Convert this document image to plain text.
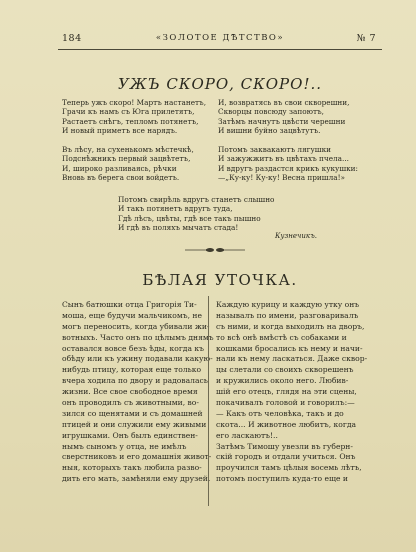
184	«ЗОЛОТОЕ ДѢТСТВО»	№ 7
УЖЪ СКОРО, СКОРО!..
Теперь ужъ скоро! Мартъ настанетъ,
Грачи къ намъ съ Юга прилетятъ,
Растаетъ снѣгъ, тепломъ потянетъ,
И новый приметъ все нарядъ.
Въ лѣсу, на сухенькомъ мѣстечкѣ,
Подснѣжникъ первый зацвѣтетъ,
И, широко разливаясь, рѣчки
Вновь въ берега свои войдетъ.
И, возвратясь въ свои скворешни,
Скворцы повсюду запоютъ,
Затѣмъ начнутъ цвѣсти черешни
И вишни буйно зацвѣтутъ.
Потомъ заквакаютъ лягушки
И зажужжитъ въ цвѣтахъ пчела...
И вдругъ раздастся крикъ кукушки:
—„Ку-ку! Ку-ку! Весна пришла!»
Потомъ свирѣль вдругъ станетъ слышно
И такъ потянетъ вдругъ туда,
Гдѣ лѣсъ, цвѣты, гдѣ все такъ пышно
И гдѣ въ поляхъ мычатъ стада!
Кузнечикъ.
БѢЛАЯ УТОЧКА.
Сынъ батюшки отца Григорія Ти-
моша, еще будучи мальчикомъ, не
могъ переносить, когда убивали жи-
вотныхъ. Часто онъ по цѣлымъ днямъ
оставался вовсе безъ ѣды, когда къ
обѣду или къ ужину подавали какую-
нибудь птицу, которая еще только
вчера ходила по двору и радовалась
жизни. Все свое свободное время
онъ проводилъ съ животными, во-
зился со щенятами и съ домашней
птицей и они служили ему живыми
игрушками. Онъ былъ единствен-
нымъ сыномъ у отца, не имѣлъ
сверстниковъ и его домашнія живот-
ныя, которыхъ такъ любила разво-
дить его мать, замѣняли ему друзей.
Каждую курицу и каждую утку онъ
называлъ по имени, разговаривалъ
съ ними, и когда выходилъ на дворъ,
то всѣ онѣ вмѣстѣ съ собаками и
кошками бросались къ нему и начи-
нали къ нему ласкаться. Даже сквор-
цы слетали со своихъ скворешенъ
и кружились около него. Любив-
шій его отецъ, глядя на эти сцены,
покачивалъ головой и говорилъ:—
— Какъ отъ человѣка, такъ и до
скота... И животное любитъ, когда
его ласкаютъ!..
Затѣмъ Тимошу увезли въ губерн-
скій городъ и отдали учиться. Онъ
проучился тамъ цѣлыя восемь лѣтъ,
потомъ поступилъ куда-то еще и
